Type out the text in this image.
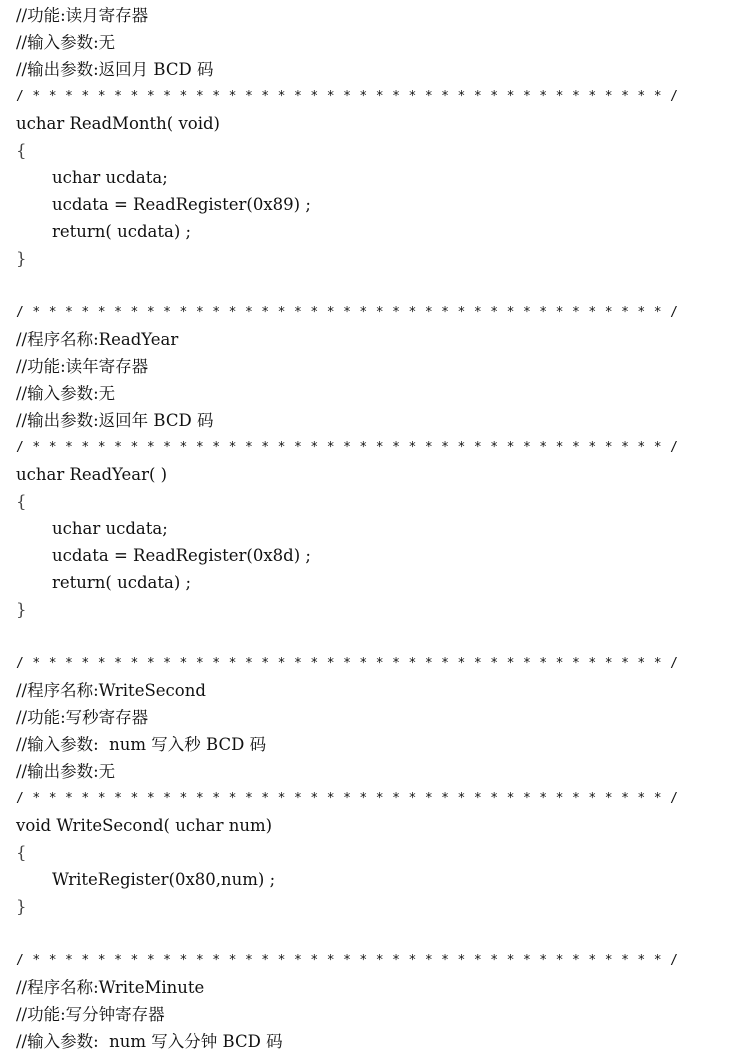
//功能:读月寄存器
//输入参数:无
//输出参数:返回月 BCD 码
/ * * * * * * * * * * * * * * * * * * * * * * * * * * * * * * * * * * * * * * * /
uchar ReadMonth( void)
{
uchar ucdata;
ucdata = ReadRegister(0x89) ;
return( ucdata) ;
}
/ * * * * * * * * * * * * * * * * * * * * * * * * * * * * * * * * * * * * * * * /
//程序名称:ReadYear
//功能:读年寄存器
//输入参数:无
//输出参数:返回年 BCD 码
/ * * * * * * * * * * * * * * * * * * * * * * * * * * * * * * * * * * * * * * * /
uchar ReadYear( )
{
uchar ucdata;
ucdata = ReadRegister(0x8d) ;
return( ucdata) ;
}
/ * * * * * * * * * * * * * * * * * * * * * * * * * * * * * * * * * * * * * * * /
//程序名称:WriteSecond
//功能:写秒寄存器
//输入参数:  num 写入秒 BCD 码
//输出参数:无
/ * * * * * * * * * * * * * * * * * * * * * * * * * * * * * * * * * * * * * * * /
void WriteSecond( uchar num)
{
WriteRegister(0x80,num) ;
}
/ * * * * * * * * * * * * * * * * * * * * * * * * * * * * * * * * * * * * * * * /
//程序名称:WriteMinute
//功能:写分钟寄存器
//输入参数:  num 写入分钟 BCD 码
